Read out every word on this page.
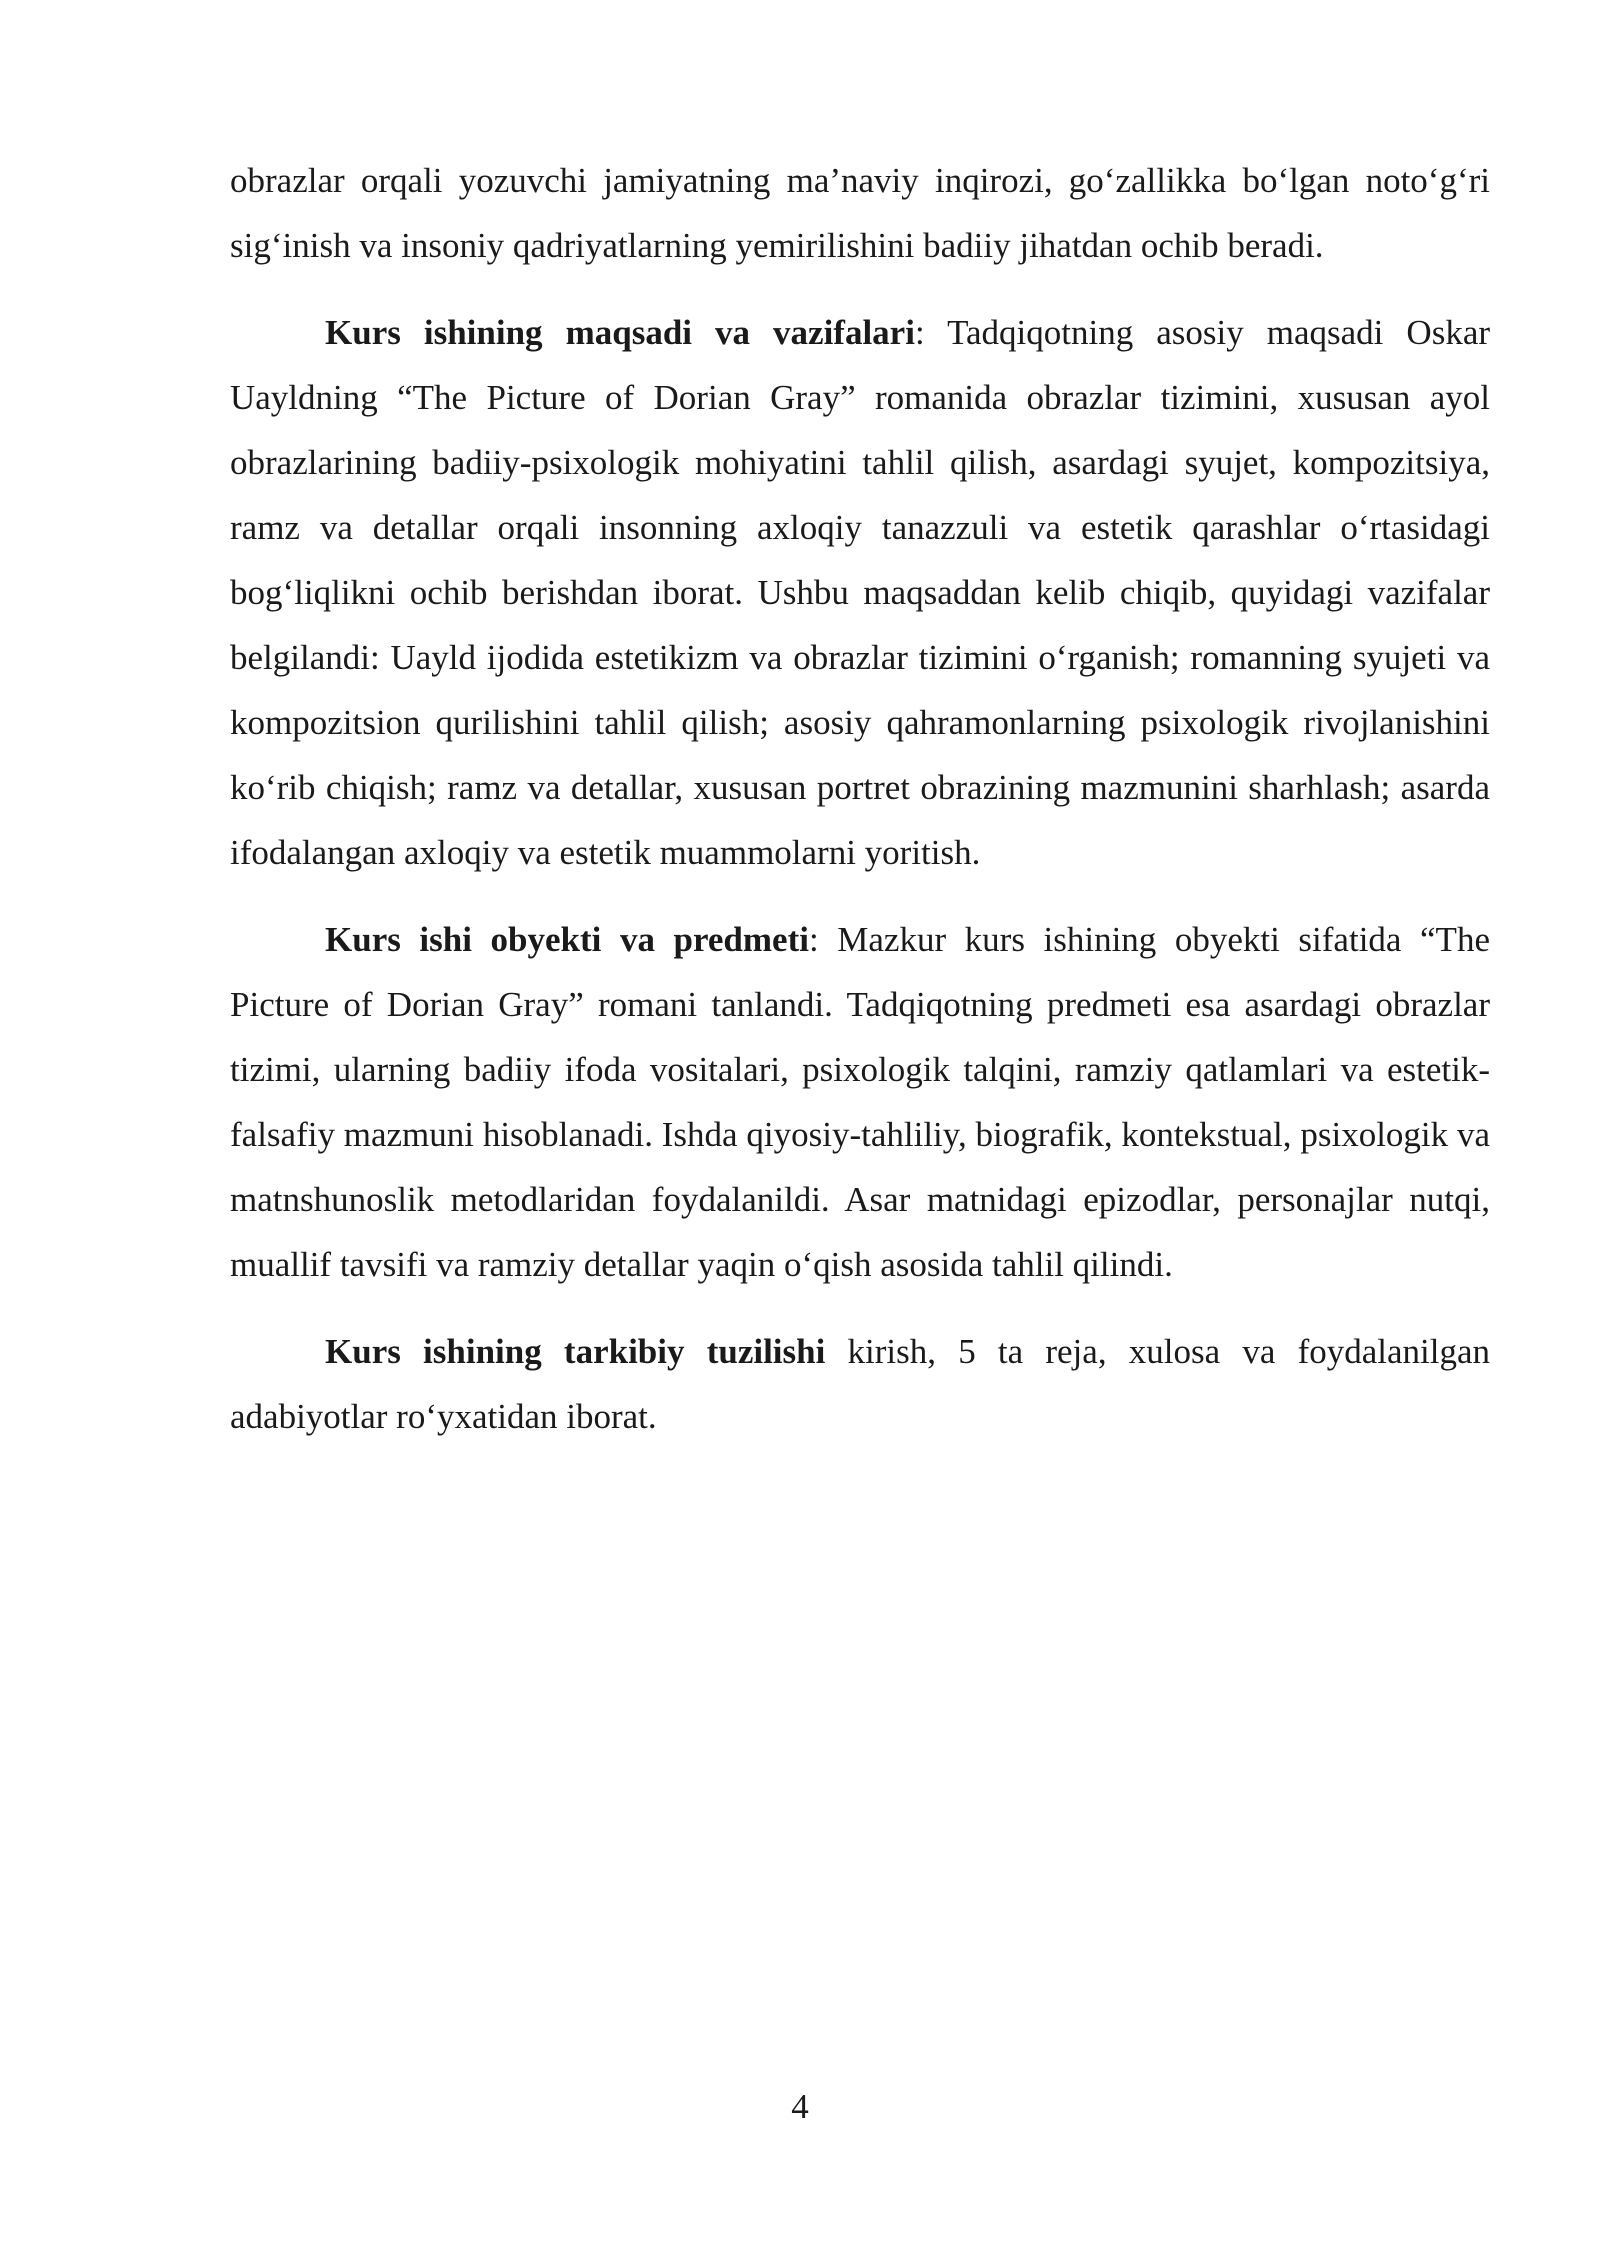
obrazlar orqali yozuvchi jamiyatning ma’naviy inqirozi, go‘zallikka bo‘lgan noto‘g‘ri sig‘inish va insoniy qadriyatlarning yemirilishini badiiy jihatdan ochib beradi.

Kurs ishining maqsadi va vazifalari: Tadqiqotning asosiy maqsadi Oskar Uayldning “The Picture of Dorian Gray” romanida obrazlar tizimini, xususan ayol obrazlarining badiiy-psixologik mohiyatini tahlil qilish, asardagi syujet, kompozitsiya, ramz va detallar orqali insonning axloqiy tanazzuli va estetik qarashlar o‘rtasidagi bog‘liqlikni ochib berishdan iborat. Ushbu maqsaddan kelib chiqib, quyidagi vazifalar belgilandi: Uayld ijodida estetikizm va obrazlar tizimini o‘rganish; romanning syujeti va kompozitsion qurilishini tahlil qilish; asosiy qahramonlarning psixologik rivojlanishini ko‘rib chiqish; ramz va detallar, xususan portret obrazining mazmunini sharhlash; asarda ifodalangan axloqiy va estetik muammolarni yoritish.

Kurs ishi obyekti va predmeti: Mazkur kurs ishining obyekti sifatida “The Picture of Dorian Gray” romani tanlandi. Tadqiqotning predmeti esa asardagi obrazlar tizimi, ularning badiiy ifoda vositalari, psixologik talqini, ramziy qatlamlari va estetik-falsafiy mazmuni hisoblanadi. Ishda qiyosiy-tahliliy, biografik, kontekstual, psixologik va matnshunoslik metodlaridan foydalanildi. Asar matnidagi epizodlar, personajlar nutqi, muallif tavsifi va ramziy detallar yaqin o‘qish asosida tahlil qilindi.

Kurs ishining tarkibiy tuzilishi kirish, 5 ta reja, xulosa va foydalanilgan adabiyotlar ro‘yxatidan iborat.

4
